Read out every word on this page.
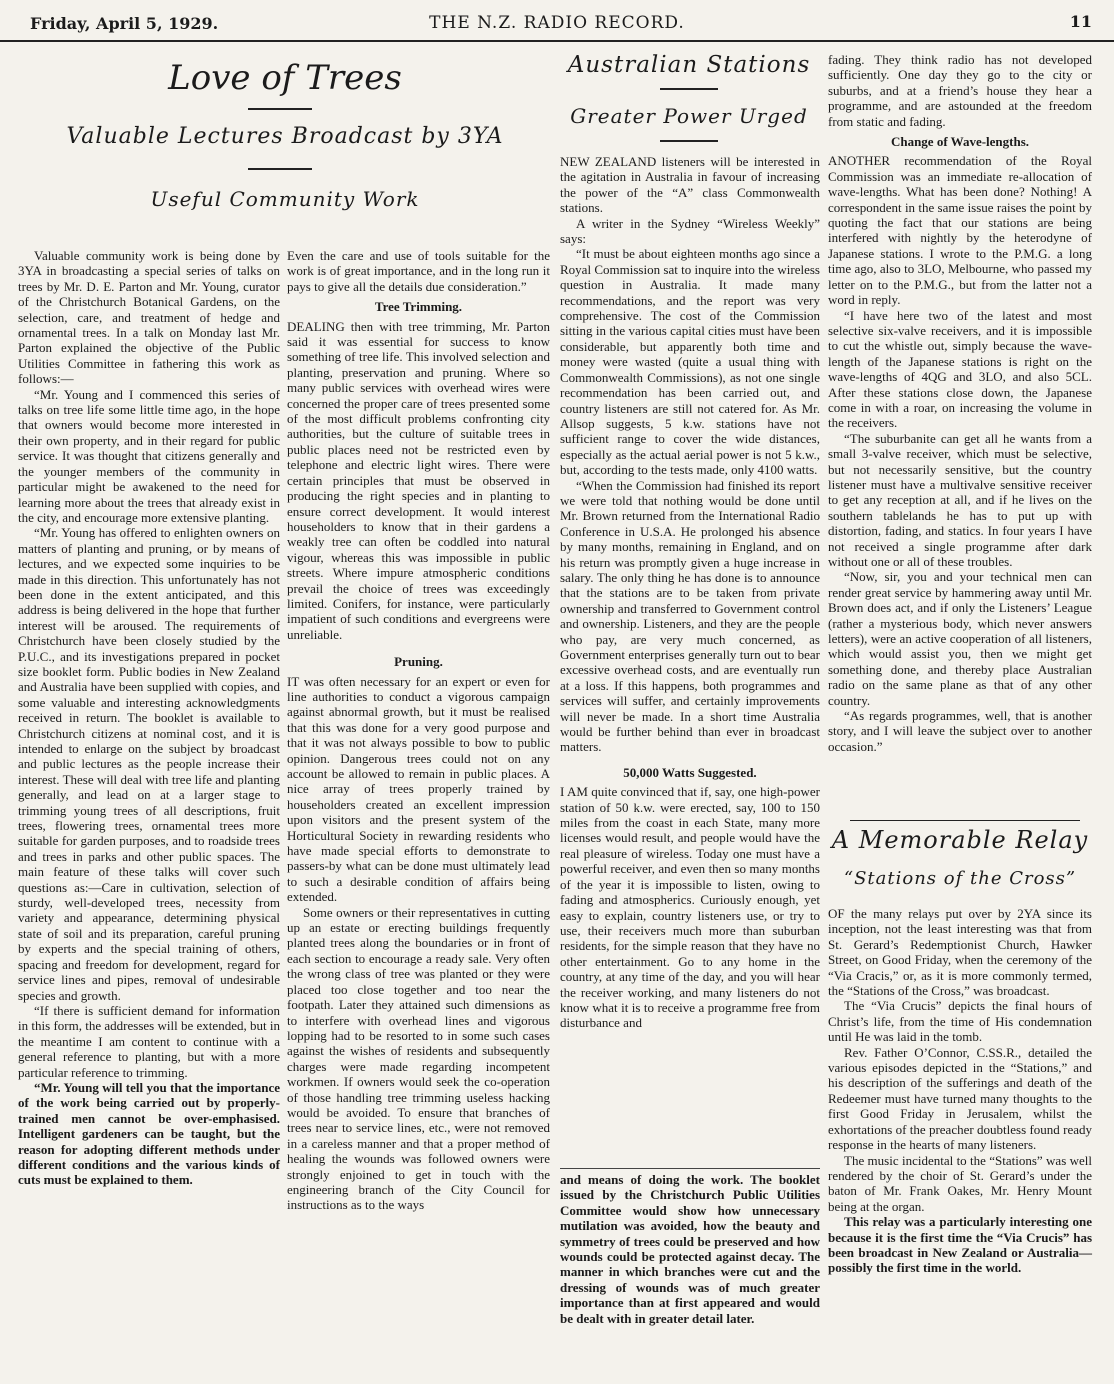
Friday, April 5, 1929.	THE N.Z. RADIO RECORD.	11
Love of Trees
Valuable Lectures Broadcast by 3YA
Useful Community Work

Valuable community work is being done by 3YA in broadcasting a special series of talks on trees by Mr. D. E. Parton and Mr. Young, curator of the Christchurch Botanical Gardens, on the selection, care, and treatment of hedge and ornamental trees. In a talk on Monday last Mr. Parton explained the objective of the Public Utilities Committee in fathering this work as follows:—

“Mr. Young and I commenced this series of talks on tree life some little time ago, in the hope that owners would become more interested in their own property, and in their regard for public service. It was thought that citizens generally and the younger members of the community in particular might be awakened to the need for learning more about the trees that already exist in the city, and encourage more extensive planting.

“Mr. Young has offered to enlighten owners on matters of planting and pruning, or by means of lectures, and we expected some inquiries to be made in this direction. This unfortunately has not been done in the extent anticipated, and this address is being delivered in the hope that further interest will be aroused. The requirements of Christchurch have been closely studied by the P.U.C., and its investigations prepared in pocket size booklet form. Public bodies in New Zealand and Australia have been supplied with copies, and some valuable and interesting acknowledgments received in return. The booklet is available to Christchurch citizens at nominal cost, and it is intended to enlarge on the subject by broadcast and public lectures as the people increase their interest. These will deal with tree life and planting generally, and lead on at a larger stage to trimming young trees of all descriptions, fruit trees, flowering trees, ornamental trees more suitable for garden purposes, and to roadside trees and trees in parks and other public spaces. The main feature of these talks will cover such questions as:—Care in cultivation, selection of sturdy, well-developed trees, necessity from variety and appearance, determining physical state of soil and its preparation, careful pruning by experts and the special training of others, spacing and freedom for development, regard for service lines and pipes, removal of undesirable species and growth.

“If there is sufficient demand for information in this form, the addresses will be extended, but in the meantime I am content to continue with a general reference to planting, but with a more particular reference to trimming.

“Mr. Young will tell you that the importance of the work being carried out by properly-trained men cannot be over-emphasised. Intelligent gardeners can be taught, but the reason for adopting different methods under different conditions and the various kinds of cuts must be explained to them.

Even the care and use of tools suitable for the work is of great importance, and in the long run it pays to give all the details due consideration.”

Tree Trimming.

DEALING then with tree trimming, Mr. Parton said it was essential for success to know something of tree life. This involved selection and planting, preservation and pruning. Where so many public services with overhead wires were concerned the proper care of trees presented some of the most difficult problems confronting city authorities, but the culture of suitable trees in public places need not be restricted even by telephone and electric light wires. There were certain principles that must be observed in producing the right species and in planting to ensure correct development. It would interest householders to know that in their gardens a weakly tree can often be coddled into natural vigour, whereas this was impossible in public streets. Where impure atmospheric conditions prevail the choice of trees was exceedingly limited. Conifers, for instance, were particularly impatient of such conditions and evergreens were unreliable.

Pruning.

IT was often necessary for an expert or even for line authorities to conduct a vigorous campaign against abnormal growth, but it must be realised that this was done for a very good purpose and that it was not always possible to bow to public opinion. Dangerous trees could not on any account be allowed to remain in public places. A nice array of trees properly trained by householders created an excellent impression upon visitors and the present system of the Horticultural Society in rewarding residents who have made special efforts to demonstrate to passers-by what can be done must ultimately lead to such a desirable condition of affairs being extended.

Some owners or their representatives in cutting up an estate or erecting buildings frequently planted trees along the boundaries or in front of each section to encourage a ready sale. Very often the wrong class of tree was planted or they were placed too close together and too near the footpath. Later they attained such dimensions as to interfere with overhead lines and vigorous lopping had to be resorted to in some such cases against the wishes of residents and subsequently charges were made regarding incompetent workmen. If owners would seek the co-operation of those handling tree trimming useless hacking would be avoided. To ensure that branches of trees near to service lines, etc., were not removed in a careless manner and that a proper method of healing the wounds was followed owners were strongly enjoined to get in touch with the engineering branch of the City Council for instructions as to the ways

Australian Stations
Greater Power Urged

NEW ZEALAND listeners will be interested in the agitation in Australia in favour of increasing the power of the “A” class Commonwealth stations.

A writer in the Sydney “Wireless Weekly” says:

“It must be about eighteen months ago since a Royal Commission sat to inquire into the wireless question in Australia. It made many recommendations, and the report was very comprehensive. The cost of the Commission sitting in the various capital cities must have been considerable, but apparently both time and money were wasted (quite a usual thing with Commonwealth Commissions), as not one single recommendation has been carried out, and country listeners are still not catered for. As Mr. Allsop suggests, 5 k.w. stations have not sufficient range to cover the wide distances, especially as the actual aerial power is not 5 k.w., but, according to the tests made, only 4100 watts.

“When the Commission had finished its report we were told that nothing would be done until Mr. Brown returned from the International Radio Conference in U.S.A. He prolonged his absence by many months, remaining in England, and on his return was promptly given a huge increase in salary. The only thing he has done is to announce that the stations are to be taken from private ownership and transferred to Government control and ownership. Listeners, and they are the people who pay, are very much concerned, as Government enterprises generally turn out to bear excessive overhead costs, and are eventually run at a loss. If this happens, both programmes and services will suffer, and certainly improvements will never be made. In a short time Australia would be further behind than ever in broadcast matters.

50,000 Watts Suggested.

I AM quite convinced that if, say, one high-power station of 50 k.w. were erected, say, 100 to 150 miles from the coast in each State, many more licenses would result, and people would have the real pleasure of wireless. Today one must have a powerful receiver, and even then so many months of the year it is impossible to listen, owing to fading and atmospherics. Curiously enough, yet easy to explain, country listeners use, or try to use, their receivers much more than suburban residents, for the simple reason that they have no other entertainment. Go to any home in the country, at any time of the day, and you will hear the receiver working, and many listeners do not know what it is to receive a programme free from disturbance and

and means of doing the work. The booklet issued by the Christchurch Public Utilities Committee would show how unnecessary mutilation was avoided, how the beauty and symmetry of trees could be preserved and how wounds could be protected against decay. The manner in which branches were cut and the dressing of wounds was of much greater importance than at first appeared and would be dealt with in greater detail later.

fading. They think radio has not developed sufficiently. One day they go to the city or suburbs, and at a friend’s house they hear a programme, and are astounded at the freedom from static and fading.

Change of Wave-lengths.

ANOTHER recommendation of the Royal Commission was an immediate re-allocation of wave-lengths. What has been done? Nothing! A correspondent in the same issue raises the point by quoting the fact that our stations are being interfered with nightly by the heterodyne of Japanese stations. I wrote to the P.M.G. a long time ago, also to 3LO, Melbourne, who passed my letter on to the P.M.G., but from the latter not a word in reply.

“I have here two of the latest and most selective six-valve receivers, and it is impossible to cut the whistle out, simply because the wave-length of the Japanese stations is right on the wave-lengths of 4QG and 3LO, and also 5CL. After these stations close down, the Japanese come in with a roar, on increasing the volume in the receivers.

“The suburbanite can get all he wants from a small 3-valve receiver, which must be selective, but not necessarily sensitive, but the country listener must have a multivalve sensitive receiver to get any reception at all, and if he lives on the southern tablelands he has to put up with distortion, fading, and statics. In four years I have not received a single programme after dark without one or all of these troubles.

“Now, sir, you and your technical men can render great service by hammering away until Mr. Brown does act, and if only the Listeners’ League (rather a mysterious body, which never answers letters), were an active cooperation of all listeners, which would assist you, then we might get something done, and thereby place Australian radio on the same plane as that of any other country.

“As regards programmes, well, that is another story, and I will leave the subject over to another occasion.”

A Memorable Relay
“Stations of the Cross”

OF the many relays put over by 2YA since its inception, not the least interesting was that from St. Gerard’s Redemptionist Church, Hawker Street, on Good Friday, when the ceremony of the “Via Cracis,” or, as it is more commonly termed, the “Stations of the Cross,” was broadcast.

The “Via Crucis” depicts the final hours of Christ’s life, from the time of His condemnation until He was laid in the tomb.

Rev. Father O’Connor, C.SS.R., detailed the various episodes depicted in the “Stations,” and his description of the sufferings and death of the Redeemer must have turned many thoughts to the first Good Friday in Jerusalem, whilst the exhortations of the preacher doubtless found ready response in the hearts of many listeners.

The music incidental to the “Stations” was well rendered by the choir of St. Gerard’s under the baton of Mr. Frank Oakes, Mr. Henry Mount being at the organ.

This relay was a particularly interesting one because it is the first time the “Via Crucis” has been broadcast in New Zealand or Australia—possibly the first time in the world.
